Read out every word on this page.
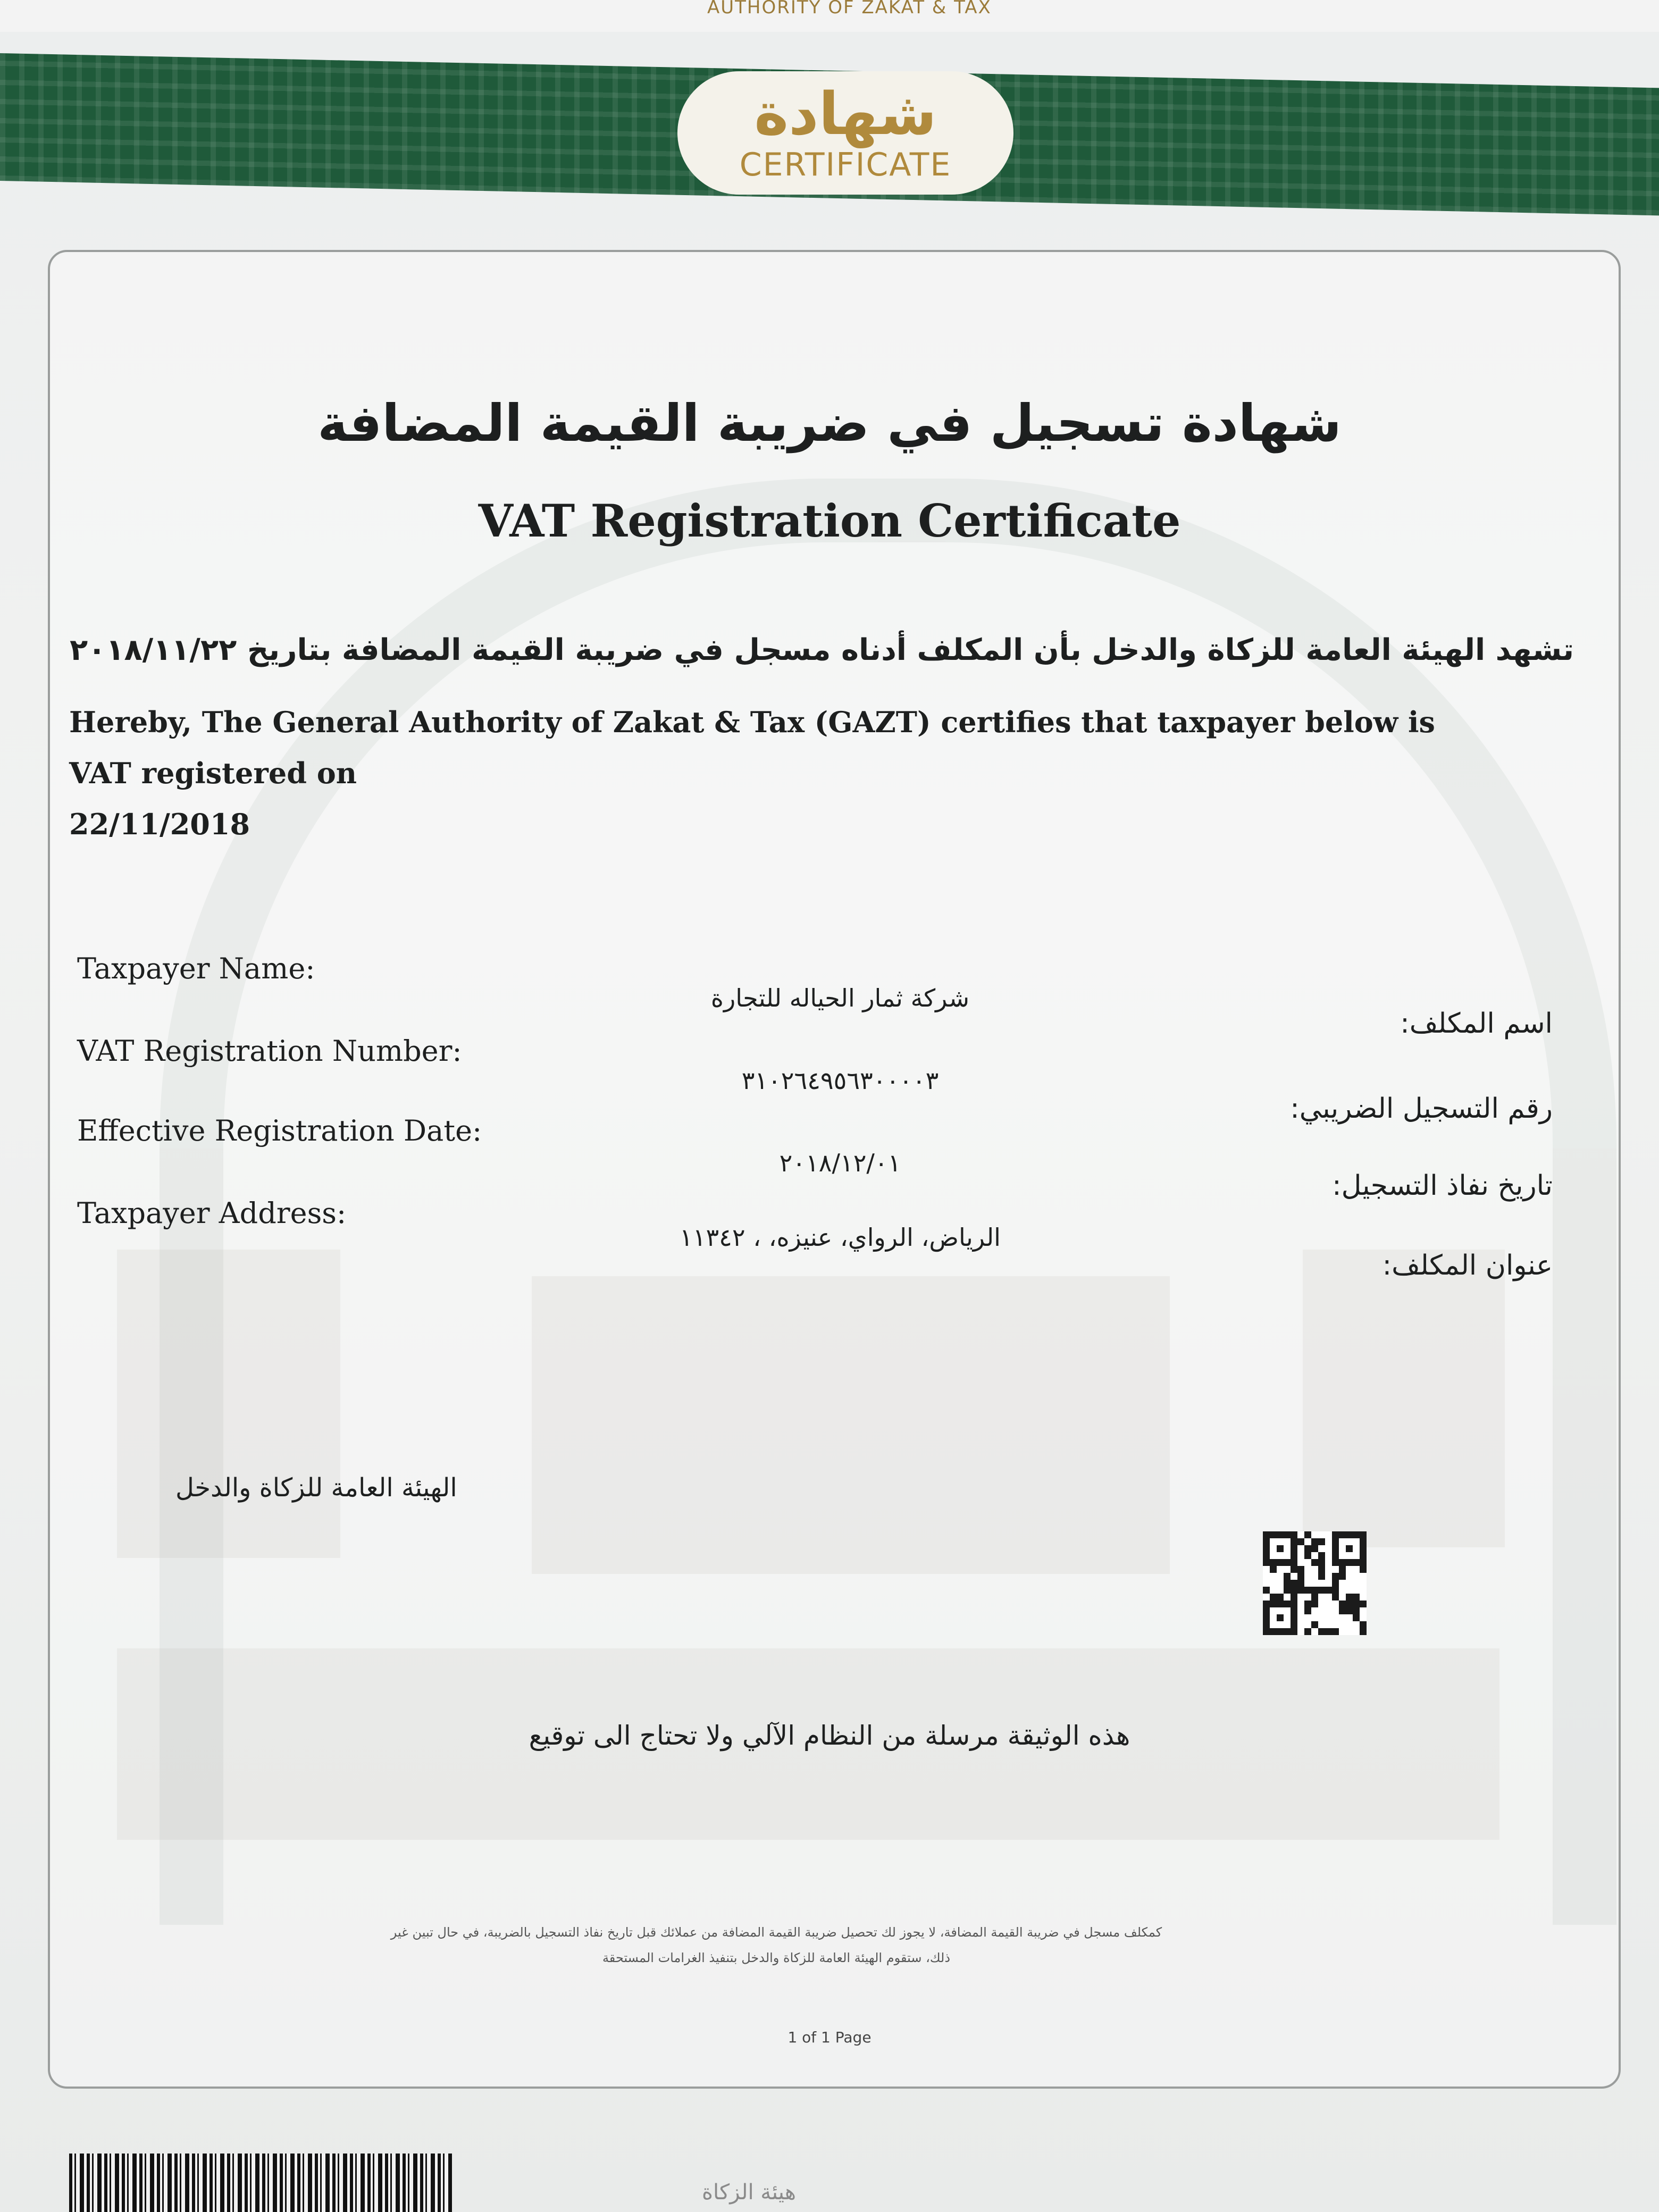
AUTHORITY OF ZAKAT & TAX
شهادة
CERTIFICATE
شهادة تسجيل في ضريبة القيمة المضافة
VAT Registration Certificate
تشهد الهيئة العامة للزكاة والدخل بأن المكلف أدناه مسجل في ضريبة القيمة المضافة بتاريخ ٢٠١٨/١١/٢٢
Hereby, The General Authority of Zakat & Tax (GAZT) certifies that taxpayer below is VAT registered on
22/11/2018
Taxpayer Name:
شركة ثمار الحياله للتجارة
اسم المكلف:
VAT Registration Number:
٣١٠٢٦٤٩٥٦٣٠٠٠٠٣
رقم التسجيل الضريبي:
Effective Registration Date:
٢٠١٨/١٢/٠١
تاريخ نفاذ التسجيل:
Taxpayer Address:
الرياض، الرواي، عنيزه، ، ١١٣٤٢
عنوان المكلف:
الهيئة العامة للزكاة والدخل
هذه الوثيقة مرسلة من النظام الآلي ولا تحتاج الى توقيع
كمكلف مسجل في ضريبة القيمة المضافة، لا يجوز لك تحصيل ضريبة القيمة المضافة من عملائك قبل تاريخ نفاذ التسجيل بالضريبة، في حال تبين غير
ذلك، ستقوم الهيئة العامة للزكاة والدخل بتنفيذ الغرامات المستحقة
1 of 1 Page
هيئة الزكاة
